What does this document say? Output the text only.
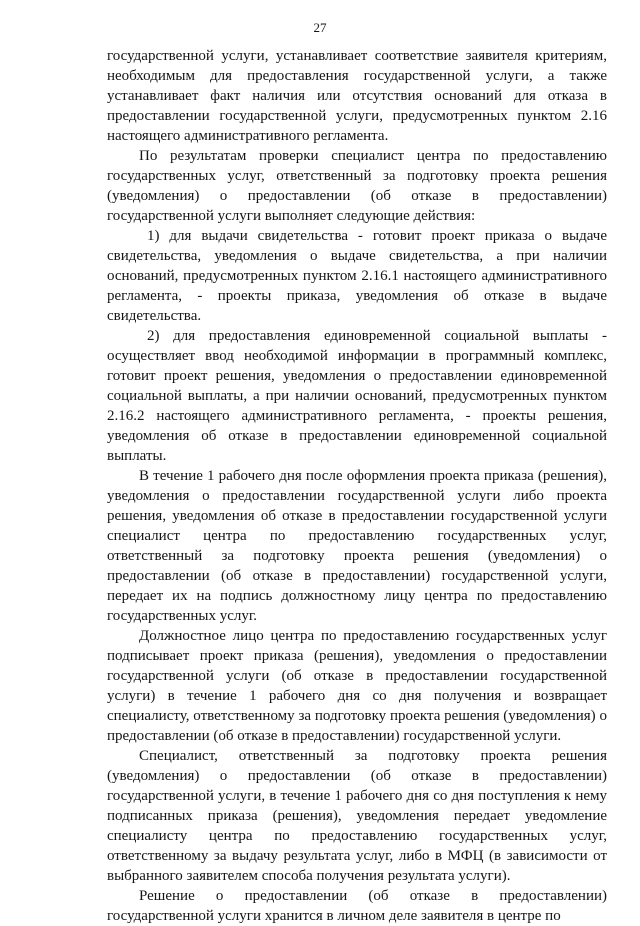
27

государственной услуги, устанавливает соответствие заявителя критериям, необходимым для предоставления государственной услуги, а также устанавливает факт наличия или отсутствия оснований для отказа в предоставлении государственной услуги, предусмотренных пунктом 2.16 настоящего административного регламента.

По результатам проверки специалист центра по предоставлению государственных услуг, ответственный за подготовку проекта решения (уведомления) о предоставлении (об отказе в предоставлении) государственной услуги выполняет следующие действия:

1) для выдачи свидетельства - готовит проект приказа о выдаче свидетельства, уведомления о выдаче свидетельства, а при наличии оснований, предусмотренных пунктом 2.16.1 настоящего административного регламента, - проекты приказа, уведомления об отказе в выдаче свидетельства.

2) для предоставления единовременной социальной выплаты - осуществляет ввод необходимой информации в программный комплекс, готовит проект решения, уведомления о предоставлении единовременной социальной выплаты, а при наличии оснований, предусмотренных пунктом 2.16.2 настоящего административного регламента, - проекты решения, уведомления об отказе в предоставлении единовременной социальной выплаты.

В течение 1 рабочего дня после оформления проекта приказа (решения), уведомления о предоставлении государственной услуги либо проекта решения, уведомления об отказе в предоставлении государственной услуги специалист центра по предоставлению государственных услуг, ответственный за подготовку проекта решения (уведомления) о предоставлении (об отказе в предоставлении) государственной услуги, передает их на подпись должностному лицу центра по предоставлению государственных услуг.

Должностное лицо центра по предоставлению государственных услуг подписывает проект приказа (решения), уведомления о предоставлении государственной услуги (об отказе в предоставлении государственной услуги) в течение 1 рабочего дня со дня получения и возвращает специалисту, ответственному за подготовку проекта решения (уведомления) о предоставлении (об отказе в предоставлении) государственной услуги.

Специалист, ответственный за подготовку проекта решения (уведомления) о предоставлении (об отказе в предоставлении) государственной услуги, в течение 1 рабочего дня со дня поступления к нему подписанных приказа (решения), уведомления передает уведомление специалисту центра по предоставлению государственных услуг, ответственному за выдачу результата услуг, либо в МФЦ (в зависимости от выбранного заявителем способа получения результата услуги).

Решение о предоставлении (об отказе в предоставлении) государственной услуги хранится в личном деле заявителя в центре по
